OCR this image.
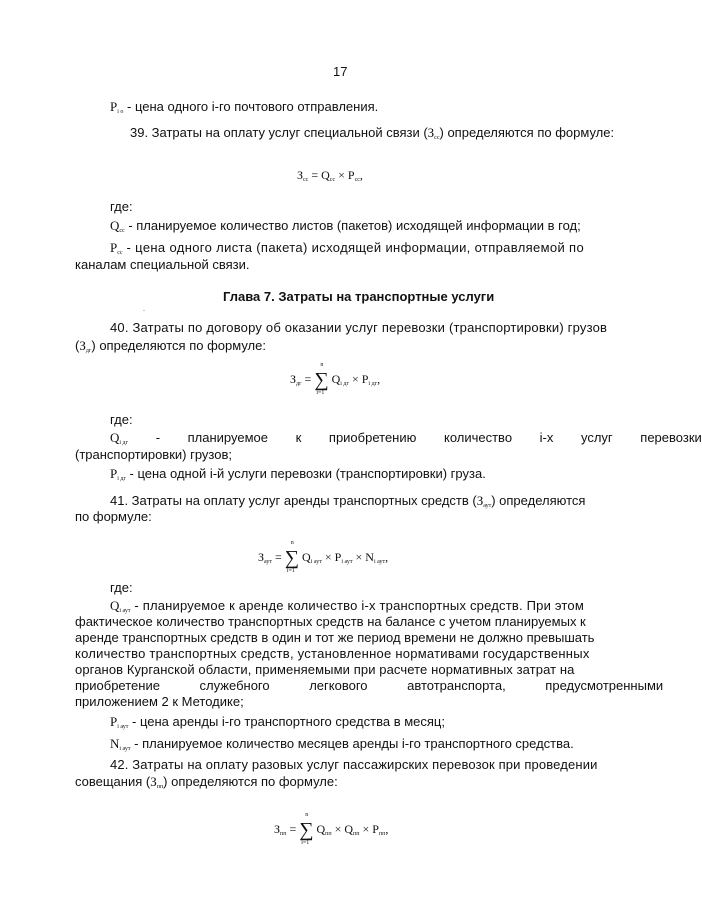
17
$P_{i о}$ - цена одного i-го почтового отправления.
39. Затраты на оплату услуг специальной связи $(З_{сс})$ определяются по формуле:
$З_{сс} = Q_{сс} \times P_{сс}$,
где:
$Q_{сс}$ - планируемое количество листов (пакетов) исходящей информации в год;
$P_{сс}$ - цена одного листа (пакета) исходящей информации, отправляемой по
каналам специальной связи.
Глава 7. Затраты на транспортные услуги
.
40. Затраты по договору об оказании услуг перевозки (транспортировки) грузов
$(З_{дг})$ определяются по формуле:
$З_{дг}$ =
n
∑
i=1
$Q_{i дг} \times P_{i дг}$,
где:
$Q_{i дг}$ - планируемое к приобретению количество i-х услуг перевозки
(транспортировки) грузов;
$P_{i дг}$ - цена одной i-й услуги перевозки (транспортировки) груза.
41. Затраты на оплату услуг аренды транспортных средств $(З_{аут})$ определяются
по формуле:
$З_{аут}$ =
n
∑
i=1
$Q_{i аут} \times P_{i аут} \times N_{i аут}$,
где:
$Q_{i аут}$ - планируемое к аренде количество i-х транспортных средств. При этом
фактическое количество транспортных средств на балансе с учетом планируемых к
аренде транспортных средств в один и тот же период времени не должно превышать
количество транспортных средств, установленное нормативами государственных
органов Курганской области, применяемыми при расчете нормативных затрат на
приобретение служебного легкового автотранспорта, предусмотренными
приложением 2 к Методике;
$P_{i аут}$ - цена аренды i-го транспортного средства в месяц;
$N_{i аут}$ - планируемое количество месяцев аренды i-го транспортного средства.
42. Затраты на оплату разовых услуг пассажирских перевозок при проведении
совещания $(З_{пп})$ определяются по формуле:
$З_{пп}$ =
n
∑
i=1
$Q_{пп} \times Q_{пп} \times P_{пп}$,
